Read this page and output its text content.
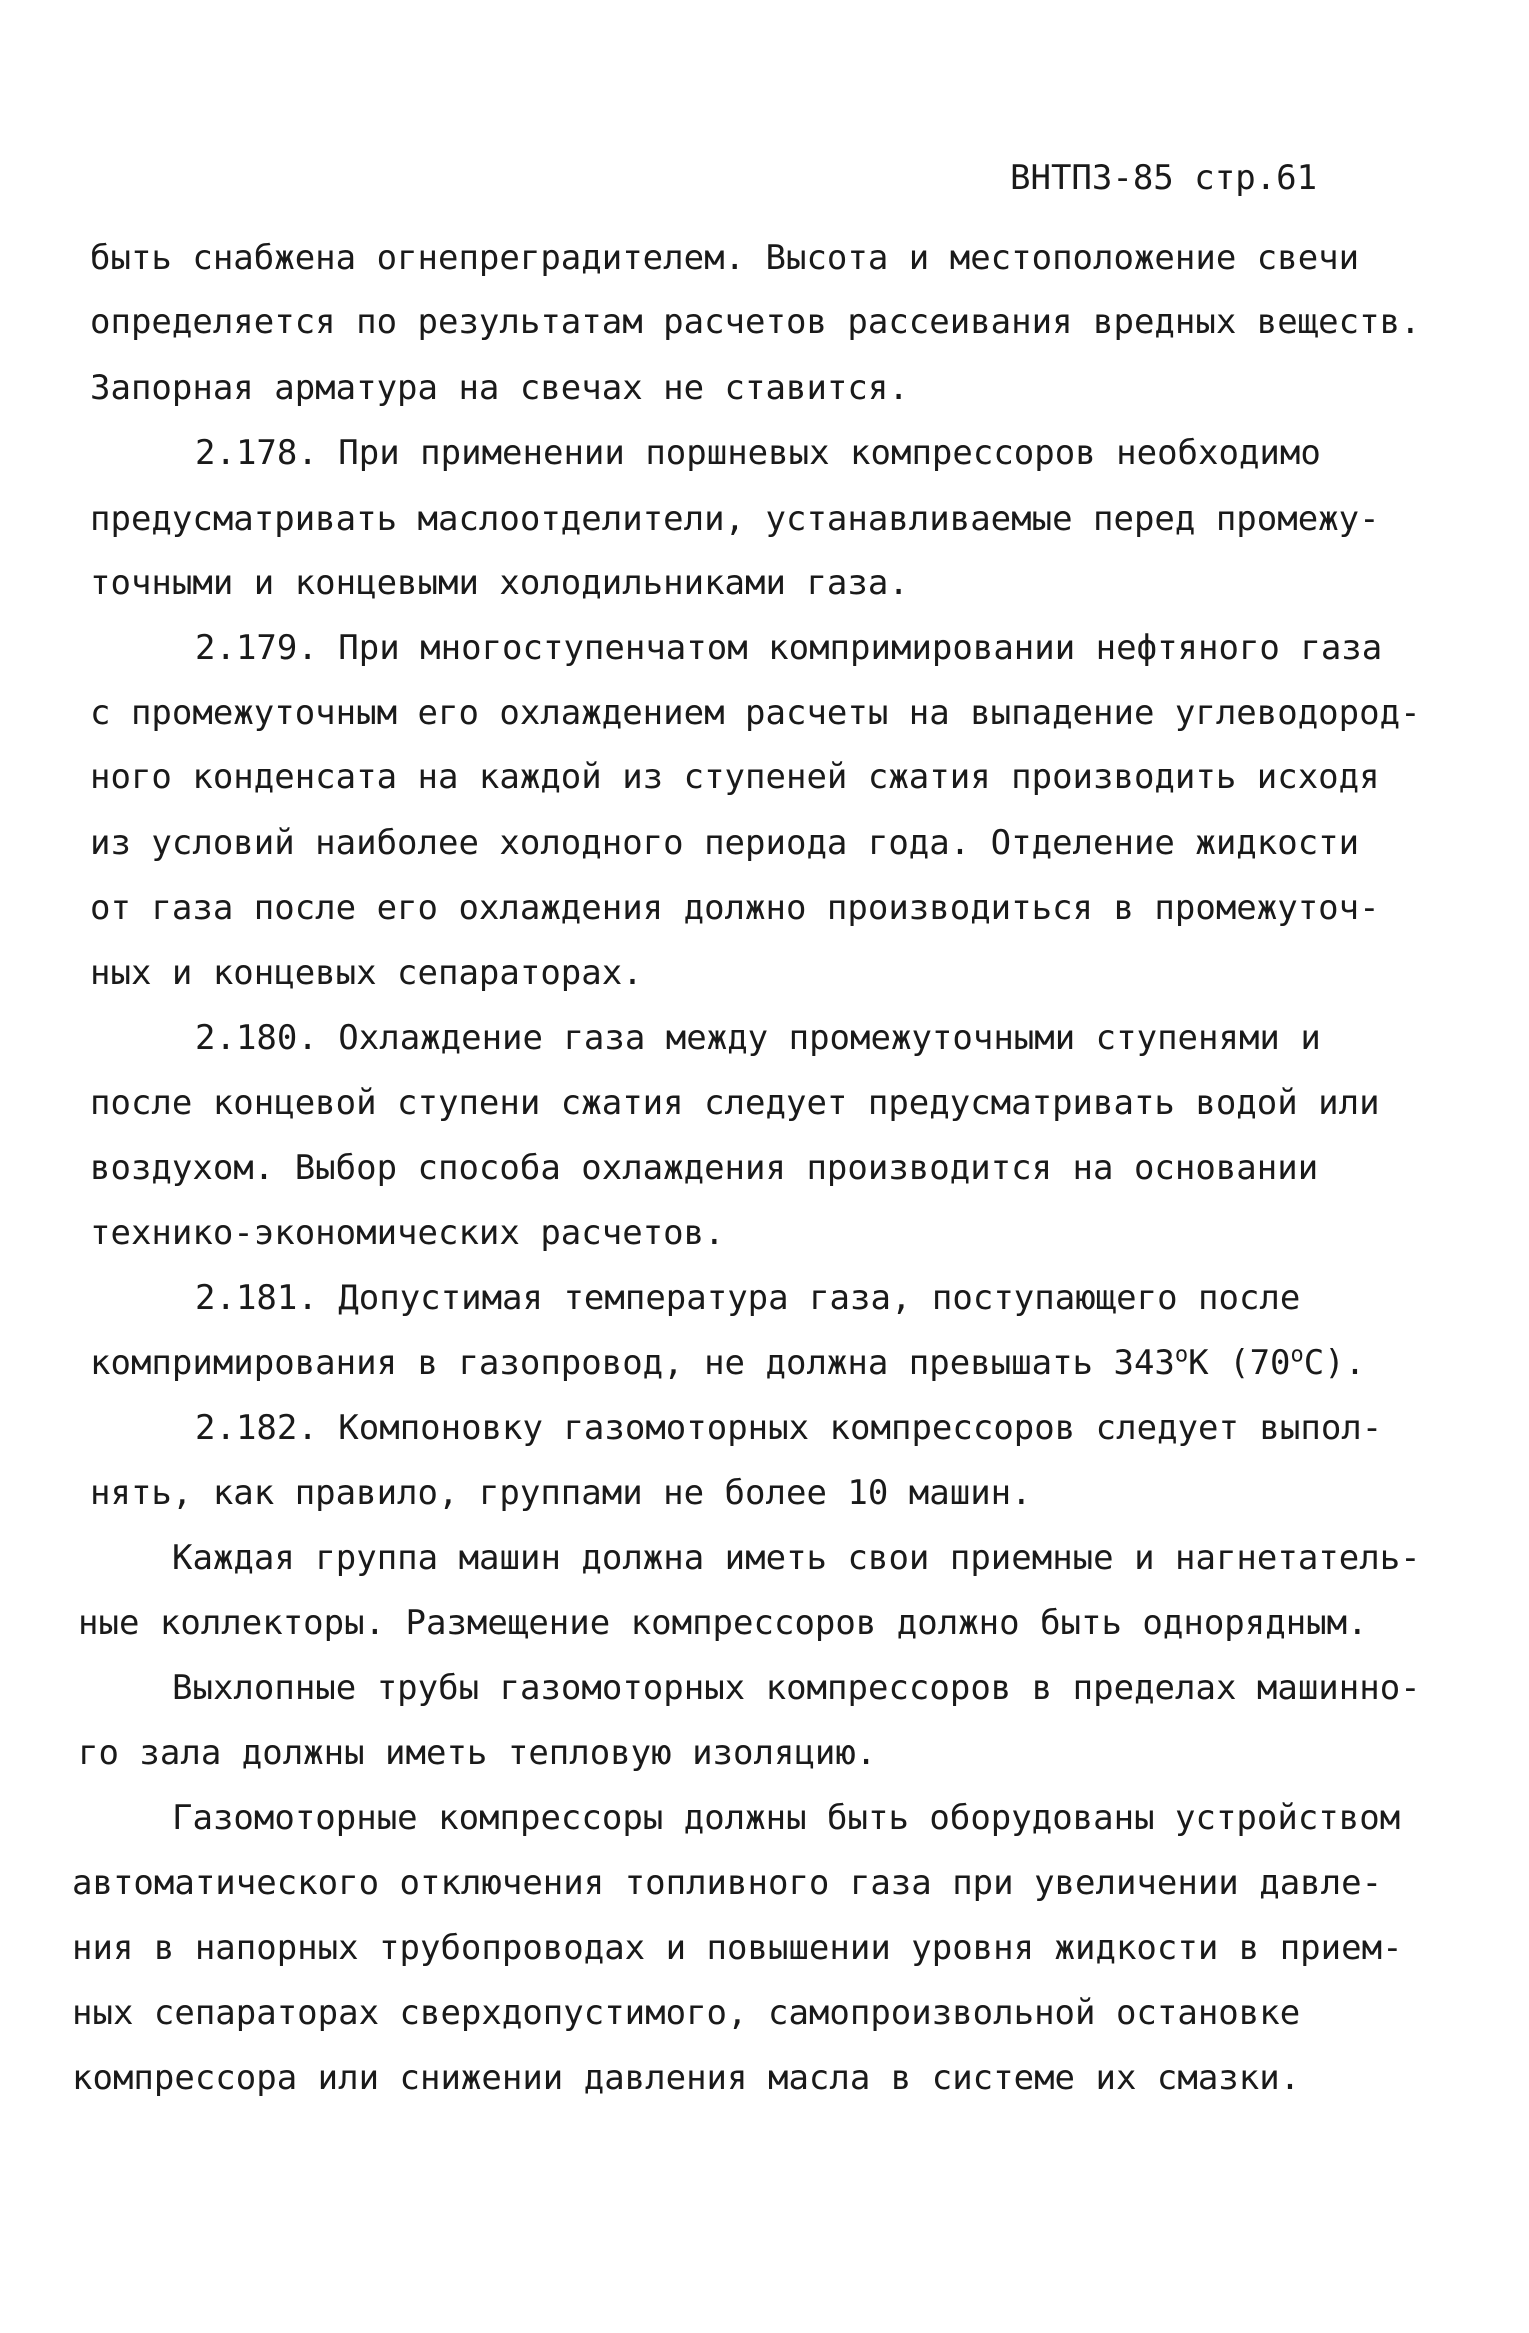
ВНТП3-85 стр.61
быть снабжена огнепреградителем. Высота и местоположение свечи
определяется по результатам расчетов рассеивания вредных веществ.
Запорная арматура на свечах не ставится.
2.178. При применении поршневых компрессоров необходимо
предусматривать маслоотделители, устанавливаемые перед промежу-
точными и концевыми холодильниками газа.
2.179. При многоступенчатом компримировании нефтяного газа
с промежуточным его охлаждением расчеты на выпадение углеводород-
ного конденсата на каждой из ступеней сжатия производить исходя
из условий наиболее холодного периода года. Отделение жидкости
от газа после его охлаждения должно производиться в промежуточ-
ных и концевых сепараторах.
2.180. Охлаждение газа между промежуточными ступенями и
после концевой ступени сжатия следует предусматривать водой или
воздухом. Выбор способа охлаждения производится на основании
технико-экономических расчетов.
2.181. Допустимая температура газа, поступающего после
компримирования в газопровод, не должна превышать 343$^o$К (70$^o$С).
2.182. Компоновку газомоторных компрессоров следует выпол-
нять, как правило, группами не более 10 машин.
Каждая группа машин должна иметь свои приемные и нагнетатель-
ные коллекторы. Размещение компрессоров должно быть однорядным.
Выхлопные трубы газомоторных компрессоров в пределах машинно-
го зала должны иметь тепловую изоляцию.
Газомоторные компрессоры должны быть оборудованы устройством
автоматического отключения топливного газа при увеличении давле-
ния в напорных трубопроводах и повышении уровня жидкости в прием-
ных сепараторах сверхдопустимого, самопроизвольной остановке
компрессора или снижении давления масла в системе их смазки.
